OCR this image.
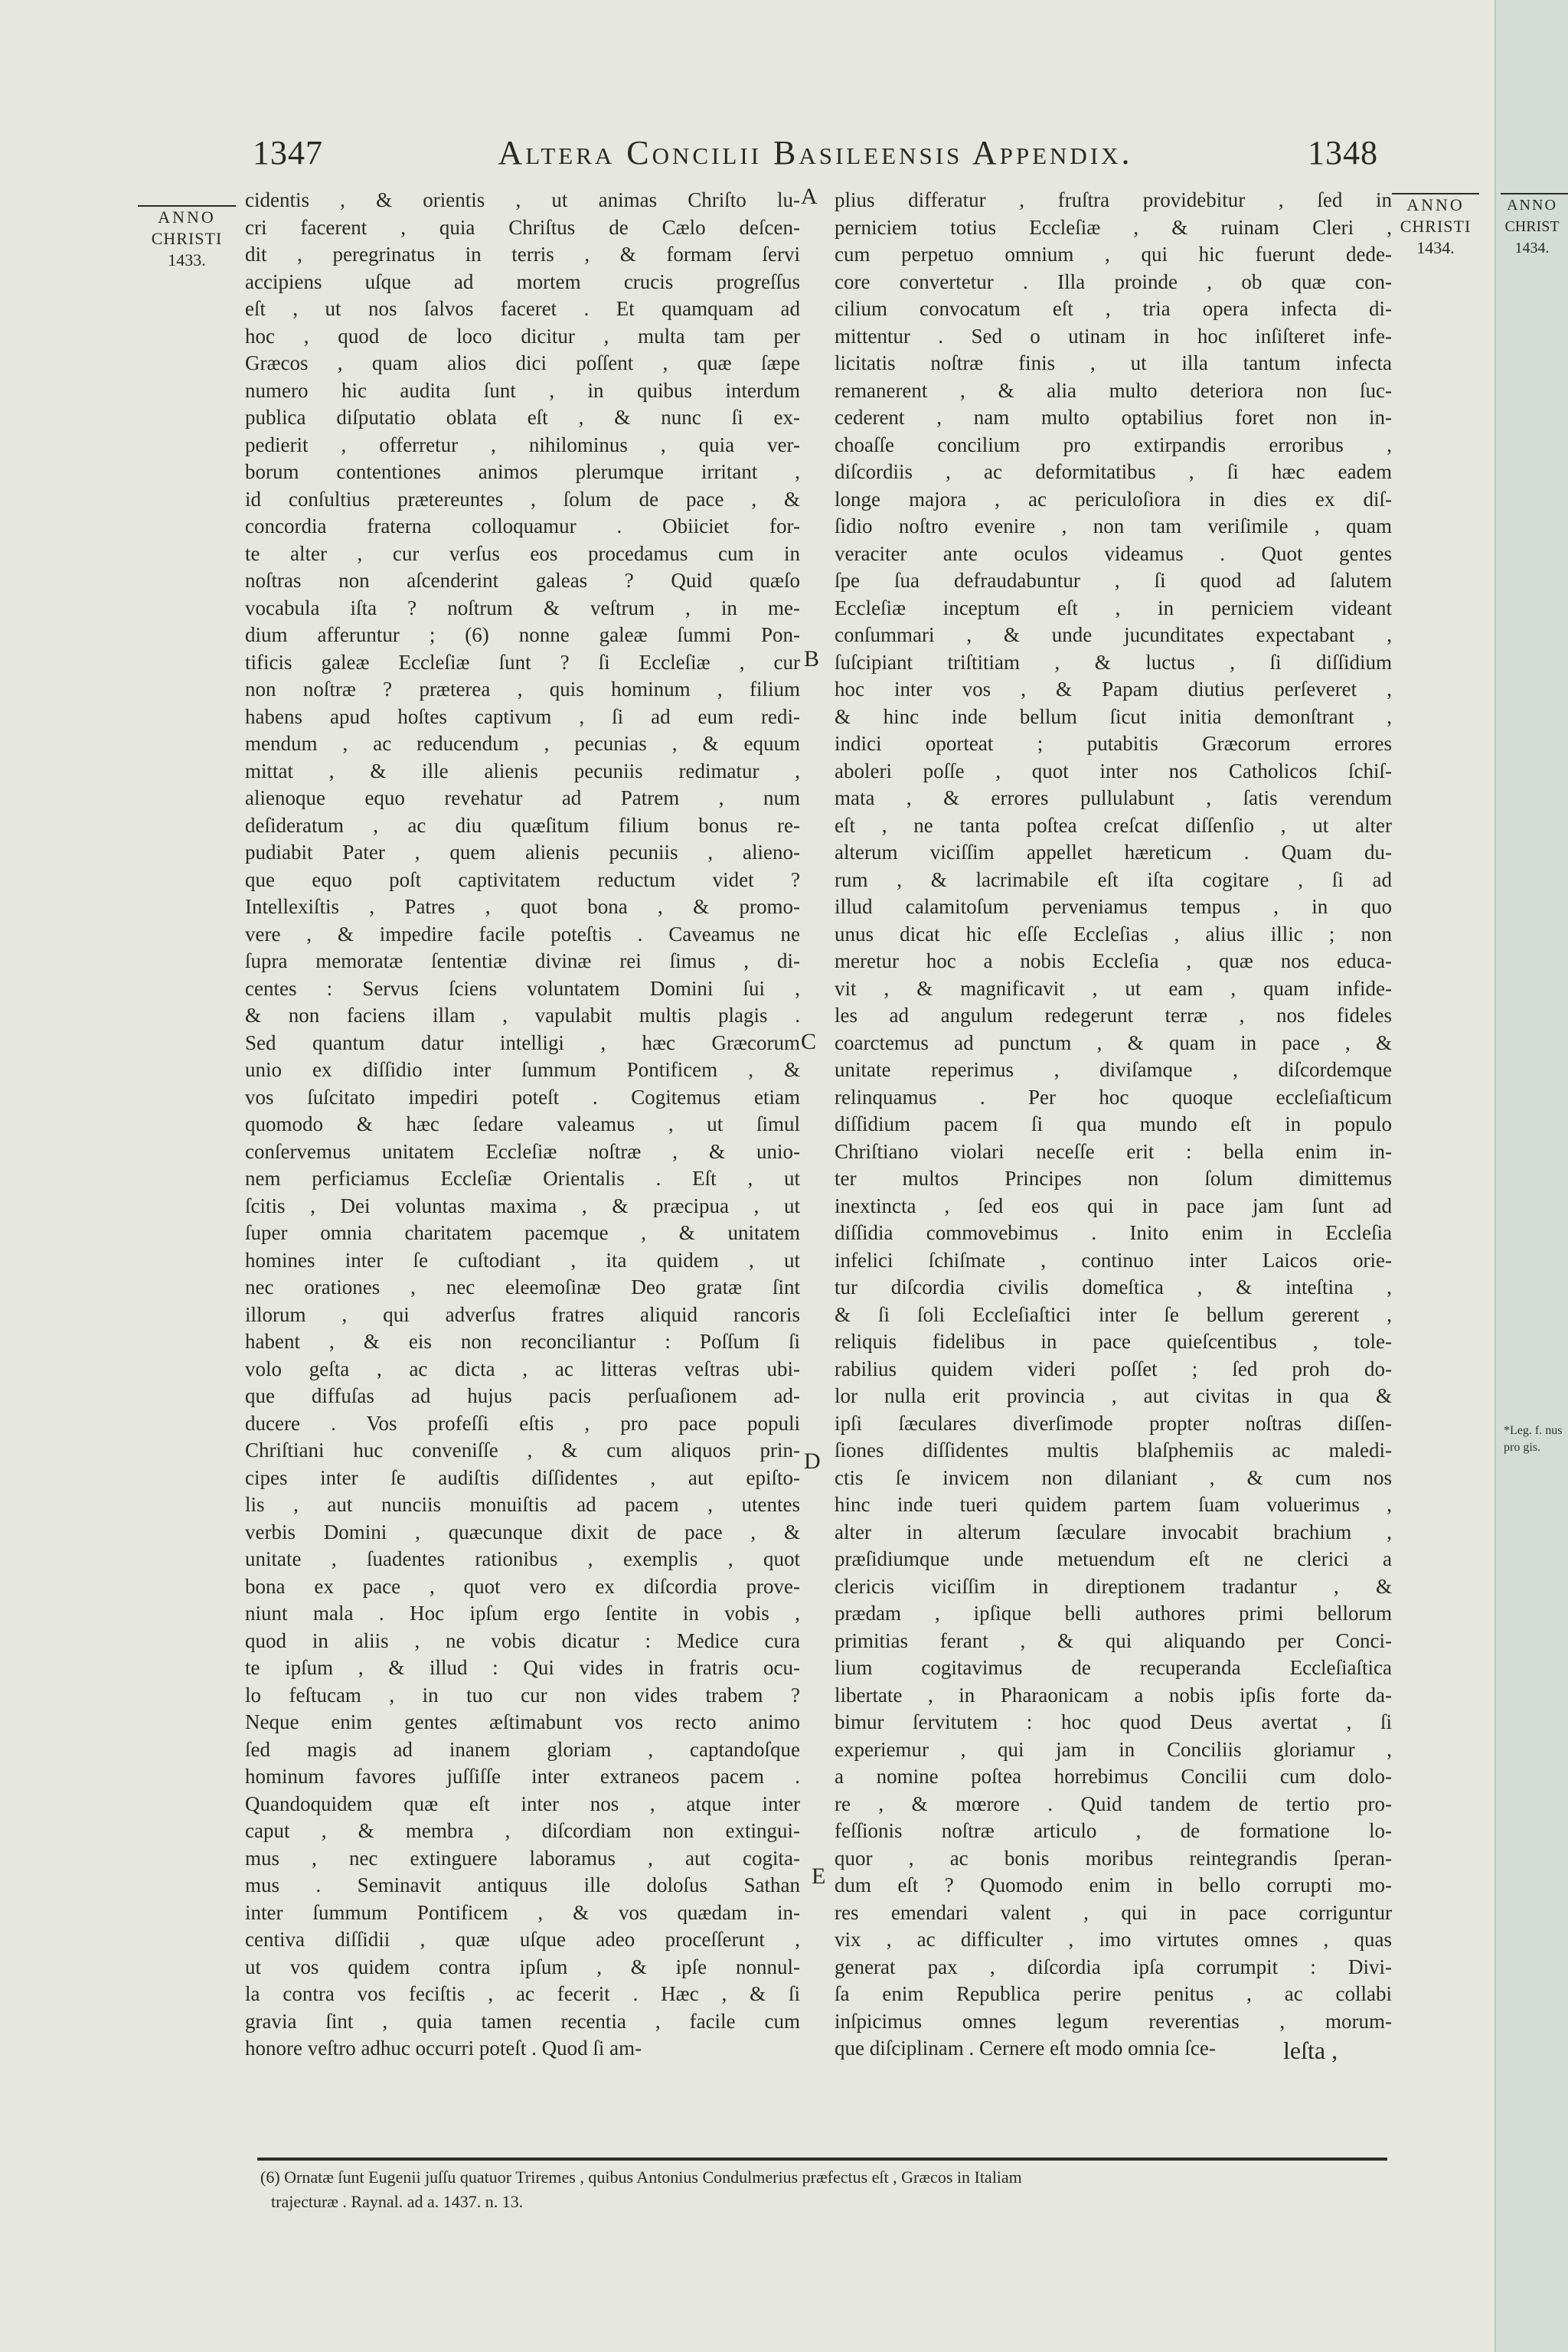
1347	Altera Concilii Basileensis Appendix.	1348
ANNO
CHRISTI
1433.
ANNO
CHRISTI
1434.

cidentis , & orientis , ut animas Chriſto lu-

cri facerent , quia Chriſtus de Cælo deſcen-

dit , peregrinatus in terris , & formam ſervi

accipiens uſque ad mortem crucis progreſſus

eſt , ut nos ſalvos faceret . Et quamquam ad

hoc , quod de loco dicitur , multa tam per

Græcos , quam alios dici poſſent , quæ ſæpe

numero hic audita ſunt , in quibus interdum

publica diſputatio oblata eſt , & nunc ſi ex-

pedierit , offerretur , nihilominus , quia ver-

borum contentiones animos plerumque irritant ,

id conſultius prætereuntes , ſolum de pace , &

concordia fraterna colloquamur . Obiiciet for-

te alter , cur verſus eos procedamus cum in

noſtras non aſcenderint galeas ? Quid quæſo

vocabula iſta ? noſtrum & veſtrum , in me-

dium afferuntur ; (6) nonne galeæ ſummi Pon-

tificis galeæ Eccleſiæ ſunt ? ſi Eccleſiæ , cur

non noſtræ ? præterea , quis hominum , filium

habens apud hoſtes captivum , ſi ad eum redi-

mendum , ac reducendum , pecunias , & equum

mittat , & ille alienis pecuniis redimatur ,

alienoque equo revehatur ad Patrem , num

deſideratum , ac diu quæſitum filium bonus re-

pudiabit Pater , quem alienis pecuniis , alieno-

que equo poſt captivitatem reductum videt ?

Intellexiſtis , Patres , quot bona , & promo-

vere , & impedire facile poteſtis . Caveamus ne

ſupra memoratæ ſententiæ divinæ rei ſimus , di-

centes : Servus ſciens voluntatem Domini ſui ,

& non faciens illam , vapulabit multis plagis .

Sed quantum datur intelligi , hæc Græcorum

unio ex diſſidio inter ſummum Pontificem , &

vos ſuſcitato impediri poteſt . Cogitemus etiam

quomodo & hæc ſedare valeamus , ut ſimul

conſervemus unitatem Eccleſiæ noſtræ , & unio-

nem perficiamus Eccleſiæ Orientalis . Eſt , ut

ſcitis , Dei voluntas maxima , & præcipua , ut

ſuper omnia charitatem pacemque , & unitatem

homines inter ſe cuſtodiant , ita quidem , ut

nec orationes , nec eleemoſinæ Deo gratæ ſint

illorum , qui adverſus fratres aliquid rancoris

habent , & eis non reconciliantur : Poſſum ſi

volo geſta , ac dicta , ac litteras veſtras ubi-

que diffuſas ad hujus pacis perſuaſionem ad-

ducere . Vos profeſſi eſtis , pro pace populi

Chriſtiani huc conveniſſe , & cum aliquos prin-

cipes inter ſe audiſtis diſſidentes , aut epiſto-

lis , aut nunciis monuiſtis ad pacem , utentes

verbis Domini , quæcunque dixit de pace , &

unitate , ſuadentes rationibus , exemplis , quot

bona ex pace , quot vero ex diſcordia prove-

niunt mala . Hoc ipſum ergo ſentite in vobis ,

quod in aliis , ne vobis dicatur : Medice cura

te ipſum , & illud : Qui vides in fratris ocu-

lo feſtucam , in tuo cur non vides trabem ?

Neque enim gentes æſtimabunt vos recto animo

ſed magis ad inanem gloriam , captandoſque

hominum favores juſſiſſe inter extraneos pacem .

Quandoquidem quæ eſt inter nos , atque inter

caput , & membra , diſcordiam non extingui-

mus , nec extinguere laboramus , aut cogita-

mus . Seminavit antiquus ille doloſus Sathan

inter ſummum Pontificem , & vos quædam in-

centiva diſſidii , quæ uſque adeo proceſſerunt ,

ut vos quidem contra ipſum , & ipſe nonnul-

la contra vos feciſtis , ac fecerit . Hæc , & ſi

gravia ſint , quia tamen recentia , facile cum

honore veſtro adhuc occurri poteſt . Quod ſi am-

plius differatur , fruſtra providebitur , ſed in

perniciem totius Eccleſiæ , & ruinam Cleri ,

cum perpetuo omnium , qui hic fuerunt dede-

core convertetur . Illa proinde , ob quæ con-

cilium convocatum eſt , tria opera infecta di-

mittentur . Sed o utinam in hoc inſiſteret infe-

licitatis noſtræ finis , ut illa tantum infecta

remanerent , & alia multo deteriora non ſuc-

cederent , nam multo optabilius foret non in-

choaſſe concilium pro extirpandis erroribus ,

diſcordiis , ac deformitatibus , ſi hæc eadem

longe majora , ac periculoſiora in dies ex diſ-

ſidio noſtro evenire , non tam veriſimile , quam

veraciter ante oculos videamus . Quot gentes

ſpe ſua defraudabuntur , ſi quod ad ſalutem

Eccleſiæ inceptum eſt , in perniciem videant

conſummari , & unde jucunditates expectabant ,

ſuſcipiant triſtitiam , & luctus , ſi diſſidium

hoc inter vos , & Papam diutius perſeveret ,

& hinc inde bellum ſicut initia demonſtrant ,

indici oporteat ; putabitis Græcorum errores

aboleri poſſe , quot inter nos Catholicos ſchiſ-

mata , & errores pullulabunt , ſatis verendum

eſt , ne tanta poſtea creſcat diſſenſio , ut alter

alterum viciſſim appellet hæreticum . Quam du-

rum , & lacrimabile eſt iſta cogitare , ſi ad

illud calamitoſum perveniamus tempus , in quo

unus dicat hic eſſe Eccleſias , alius illic ; non

meretur hoc a nobis Eccleſia , quæ nos educa-

vit , & magnificavit , ut eam , quam infide-

les ad angulum redegerunt terræ , nos fideles

coarctemus ad punctum , & quam in pace , &

unitate reperimus , diviſamque , diſcordemque

relinquamus . Per hoc quoque eccleſiaſticum

diſſidium pacem ſi qua mundo eſt in populo

Chriſtiano violari neceſſe erit : bella enim in-

ter multos Principes non ſolum dimittemus

inextincta , ſed eos qui in pace jam ſunt ad

diſſidia commovebimus . Inito enim in Eccleſia

infelici ſchiſmate , continuo inter Laicos orie-

tur diſcordia civilis domeſtica , & inteſtina ,

& ſi ſoli Eccleſiaſtici inter ſe bellum gererent ,

reliquis fidelibus in pace quieſcentibus , tole-

rabilius quidem videri poſſet ; ſed proh do-

lor nulla erit provincia , aut civitas in qua &

ipſi ſæculares diverſimode propter noſtras diſſen-

ſiones diſſidentes multis blaſphemiis ac maledi-

ctis ſe invicem non dilaniant , & cum nos

hinc inde tueri quidem partem ſuam voluerimus ,

alter in alterum ſæculare invocabit brachium ,

præſidiumque unde metuendum eſt ne clerici a

clericis viciſſim in direptionem tradantur , &

prædam , ipſique belli authores primi bellorum

primitias ferant , & qui aliquando per Conci-

lium cogitavimus de recuperanda Eccleſiaſtica

libertate , in Pharaonicam a nobis ipſis forte da-

bimur ſervitutem : hoc quod Deus avertat , ſi

experiemur , qui jam in Conciliis gloriamur ,

a nomine poſtea horrebimus Concilii cum dolo-

re , & mœrore . Quid tandem de tertio pro-

feſſionis noſtræ articulo , de formatione lo-

quor , ac bonis moribus reintegrandis ſperan-

dum eſt ? Quomodo enim in bello corrupti mo-

res emendari valent , qui in pace corriguntur

vix , ac difficulter , imo virtutes omnes , quas

generat pax , diſcordia ipſa corrumpit : Divi-

ſa enim Republica perire penitus , ac collabi

inſpicimus omnes legum reverentias , morum-

que diſciplinam . Cernere eſt modo omnia ſce-

A
B
C
D
E
leſta ,
(6) Ornatæ ſunt Eugenii juſſu quatuor Triremes , quibus Antonius Condulmerius præfectus eſt , Græcos in Italiam
trajecturæ . Raynal. ad a. 1437. n. 13.
ANNO
CHRIST
1434.
*Leg. f. nus pro gis.
